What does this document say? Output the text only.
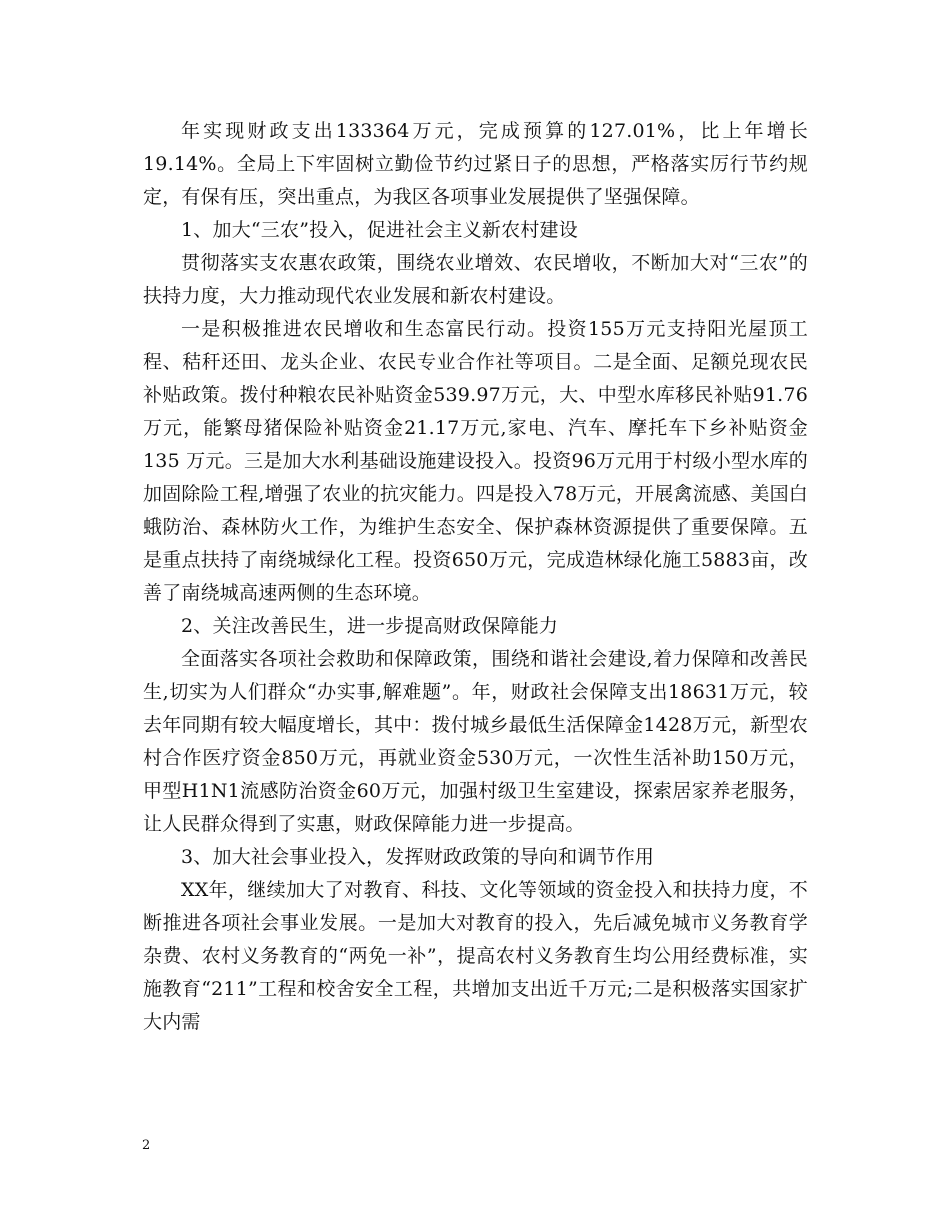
年实现财政支出133364万元，完成预算的127.01%，比上年增长19.14%。全局上下牢固树立勤俭节约过紧日子的思想，严格落实厉行节约规定，有保有压，突出重点，为我区各项事业发展提供了坚强保障。

1、加大“三农”投入，促进社会主义新农村建设

贯彻落实支农惠农政策，围绕农业增效、农民增收，不断加大对“三农”的扶持力度，大力推动现代农业发展和新农村建设。

一是积极推进农民增收和生态富民行动。投资155万元支持阳光屋顶工程、秸秆还田、龙头企业、农民专业合作社等项目。二是全面、足额兑现农民补贴政策。拨付种粮农民补贴资金539.97万元，大、中型水库移民补贴91.76万元，能繁母猪保险补贴资金21.17万元,家电、汽车、摩托车下乡补贴资金135 万元。三是加大水利基础设施建设投入。投资96万元用于村级小型水库的加固除险工程,增强了农业的抗灾能力。四是投入78万元，开展禽流感、美国白蛾防治、森林防火工作，为维护生态安全、保护森林资源提供了重要保障。五是重点扶持了南绕城绿化工程。投资650万元，完成造林绿化施工5883亩，改善了南绕城高速两侧的生态环境。

2、关注改善民生，进一步提高财政保障能力

全面落实各项社会救助和保障政策，围绕和谐社会建设,着力保障和改善民生,切实为人们群众“办实事,解难题”。年，财政社会保障支出18631万元，较去年同期有较大幅度增长，其中：拨付城乡最低生活保障金1428万元，新型农村合作医疗资金850万元，再就业资金530万元，一次性生活补助150万元，甲型H1N1流感防治资金60万元，加强村级卫生室建设，探索居家养老服务，让人民群众得到了实惠，财政保障能力进一步提高。

3、加大社会事业投入，发挥财政政策的导向和调节作用

XX年，继续加大了对教育、科技、文化等领域的资金投入和扶持力度，不断推进各项社会事业发展。一是加大对教育的投入，先后减免城市义务教育学杂费、农村义务教育的“两免一补”，提高农村义务教育生均公用经费标准，实施教育“211”工程和校舍安全工程，共增加支出近千万元;二是积极落实国家扩大内需

2
